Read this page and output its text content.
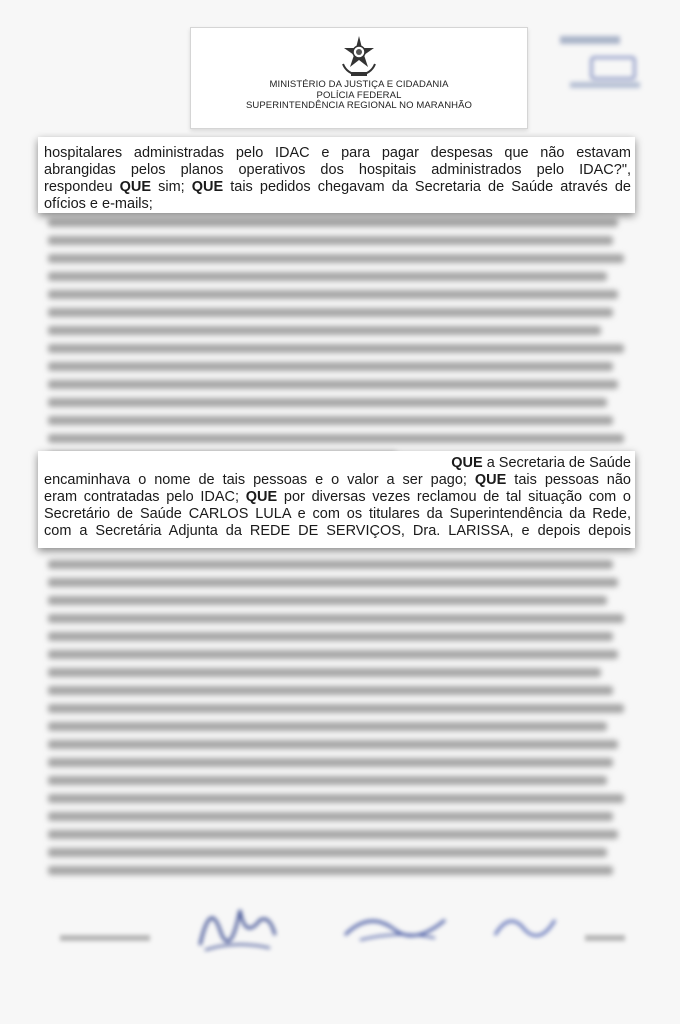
MINISTÉRIO DA JUSTIÇA E CIDADANIA
POLÍCIA FEDERAL
SUPERINTENDÊNCIA REGIONAL NO MARANHÃO
hospitalares administradas pelo IDAC e para pagar despesas que não estavam
abrangidas pelos planos operativos dos hospitais administrados pelo IDAC?",
respondeu QUE sim; QUE tais pedidos chegavam da Secretaria de Saúde através de
ofícios e e-mails;
QUE a Secretaria de Saúde
encaminhava o nome de tais pessoas e o valor a ser pago; QUE tais pessoas não
eram contratadas pelo IDAC; QUE por diversas vezes reclamou de tal situação com o
Secretário de Saúde CARLOS LULA e com os titulares da Superintendência da Rede,
com a Secretária Adjunta da REDE DE SERVIÇOS, Dra. LARISSA, e depois depois
